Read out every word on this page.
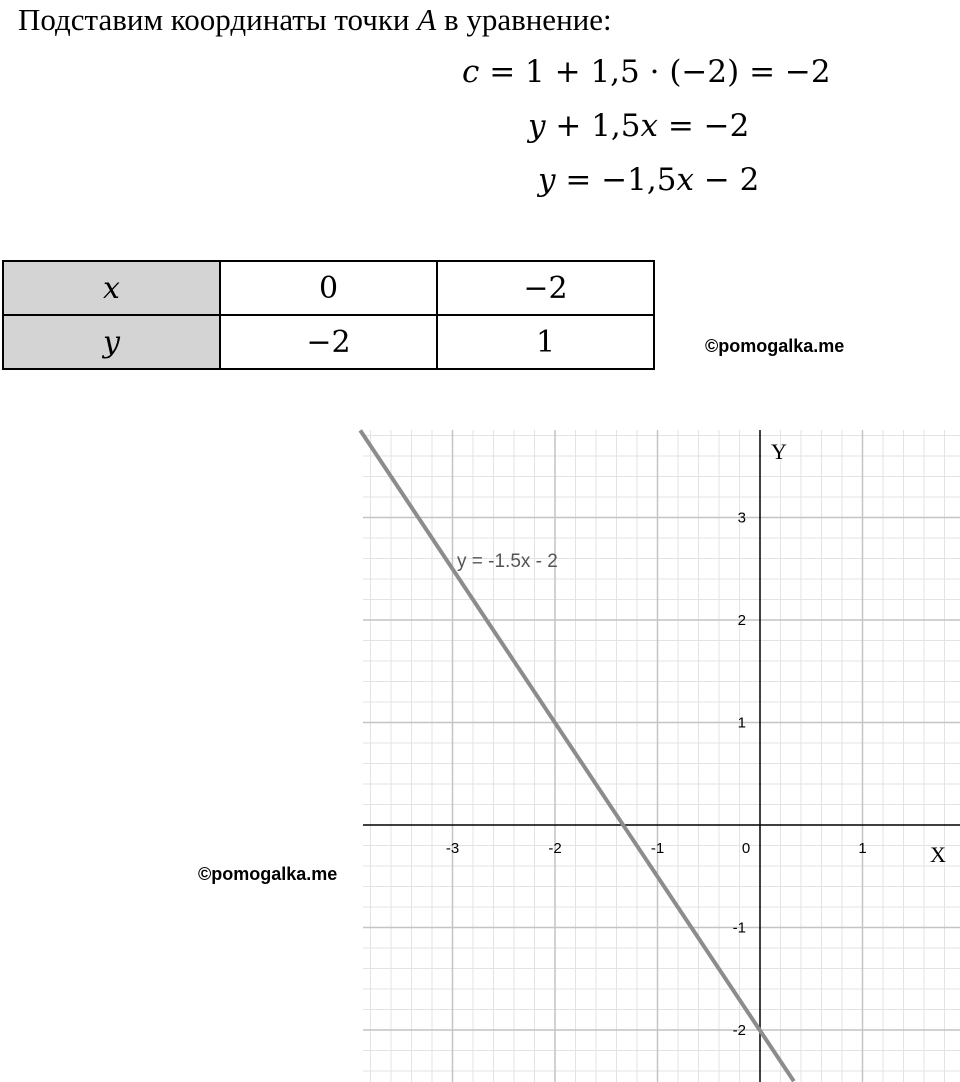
Подставим координаты точки A в уравнение:
c = 1 + 1,5 · (−2) = −2
y + 1,5x = −2
y = −1,5x − 2
x	0	−2
y	−2	1	©pomogalka.me
-3	-2	-1	0	1
3
2
1
-1
-2
X
Y
y = -1.5x - 2
©pomogalka.me
